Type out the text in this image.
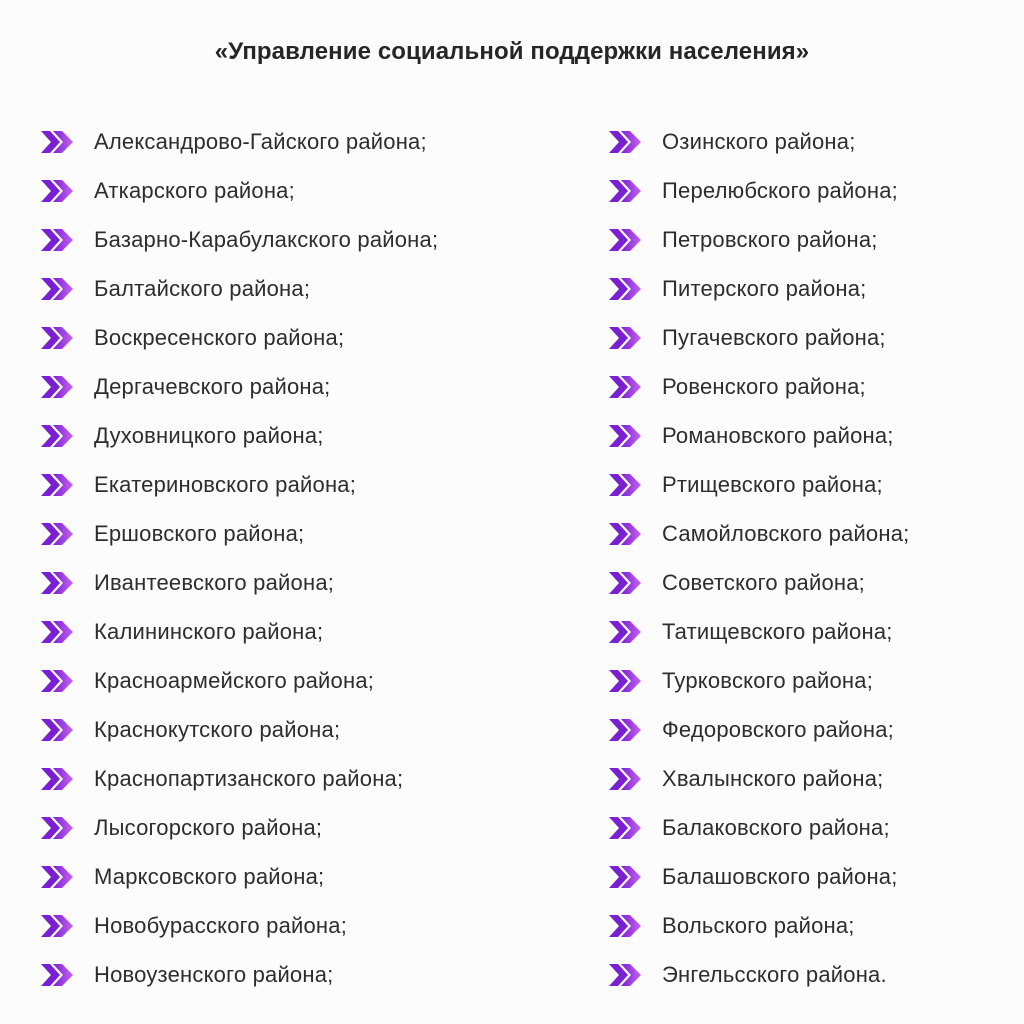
«Управление социальной поддержки населения»
Александрово-Гайского района;
Аткарского района;
Базарно-Карабулакского района;
Балтайского района;
Воскресенского района;
Дергачевского района;
Духовницкого района;
Екатериновского района;
Ершовского района;
Ивантеевского района;
Калининского района;
Красноармейского района;
Краснокутского района;
Краснопартизанского района;
Лысогорского района;
Марксовского района;
Новобурасского района;
Новоузенского района;
Озинского района;
Перелюбского района;
Петровского района;
Питерского района;
Пугачевского района;
Ровенского района;
Романовского района;
Ртищевского района;
Самойловского района;
Советского района;
Татищевского района;
Турковского района;
Федоровского района;
Хвалынского района;
Балаковского района;
Балашовского района;
Вольского района;
Энгельсского района.
